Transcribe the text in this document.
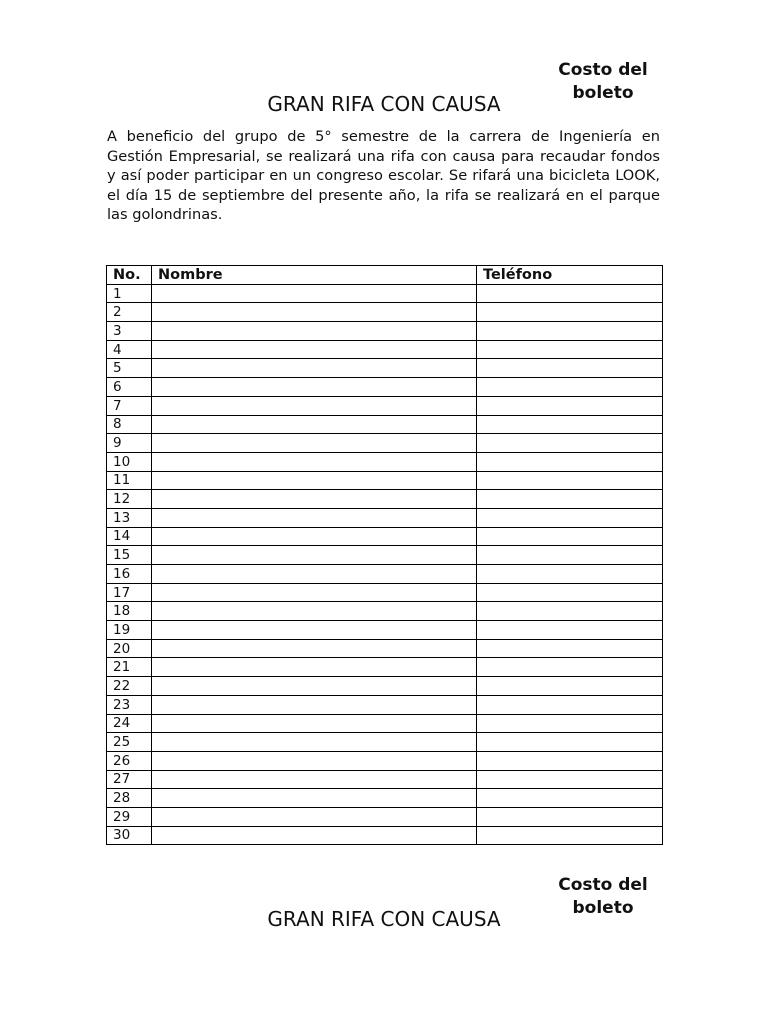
Costo del
boleto
GRAN RIFA CON CAUSA

A beneficio del grupo de 5° semestre de la carrera de Ingeniería en Gestión Empresarial, se realizará una rifa con causa para recaudar fondos y así poder participar en un congreso escolar. Se rifará una bicicleta LOOK, el día 15 de septiembre del presente año, la rifa se realizará en el parque las golondrinas.

No.	Nombre	Teléfono
1		
2		
3		
4		
5		
6		
7		
8		
9		
10		
11		
12		
13		
14		
15		
16		
17		
18		
19		
20		
21		
22		
23		
24		
25		
26		
27		
28		
29		
30		
Costo del
boleto
GRAN RIFA CON CAUSA
